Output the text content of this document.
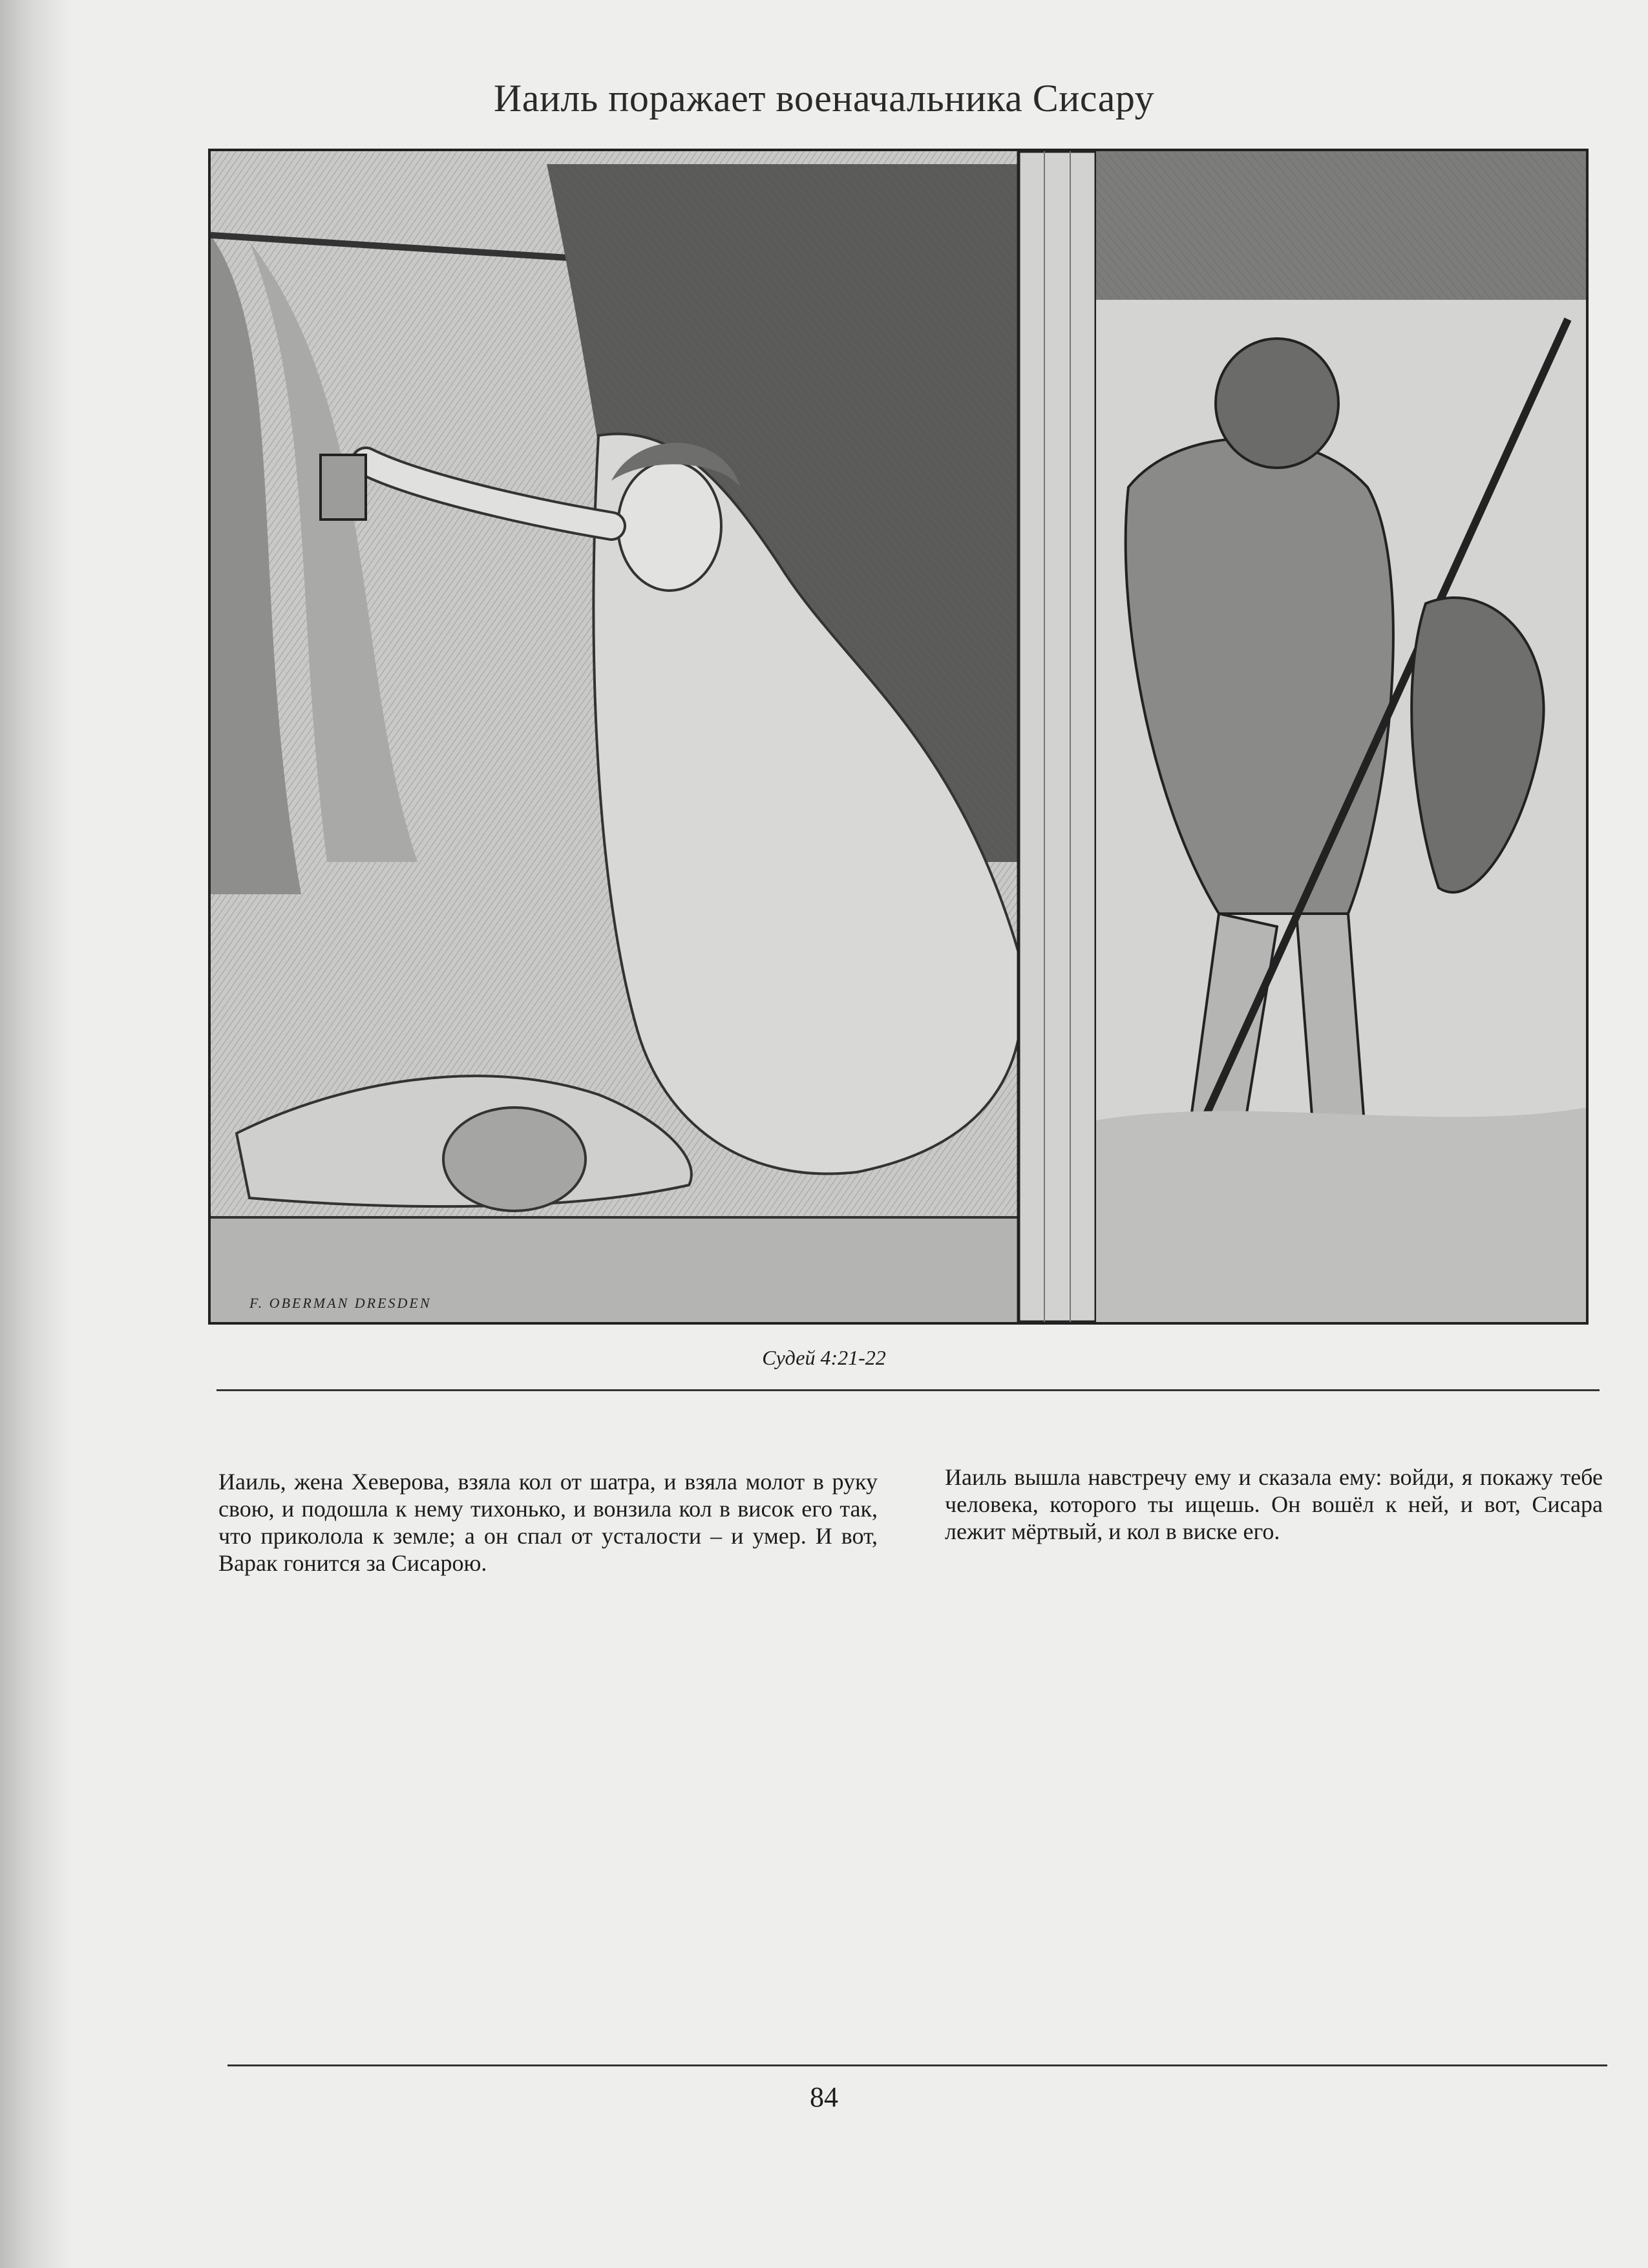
Иаиль поражает военачальника Сисару
F. OBERMAN DRESDEN
Судей 4:21-22

Иаиль, жена Хеверова, взяла кол от шатра, и взяла молот в руку свою, и подошла к нему тихонько, и вонзила кол в висок его так, что приколола к земле; а он спал от усталости – и умер. И вот, Варак гонится за Сисарою.

Иаиль вышла навстречу ему и сказала ему: войди, я покажу тебе человека, которого ты ищешь. Он вошёл к ней, и вот, Сисара лежит мёртвый, и кол в виске его.

84
